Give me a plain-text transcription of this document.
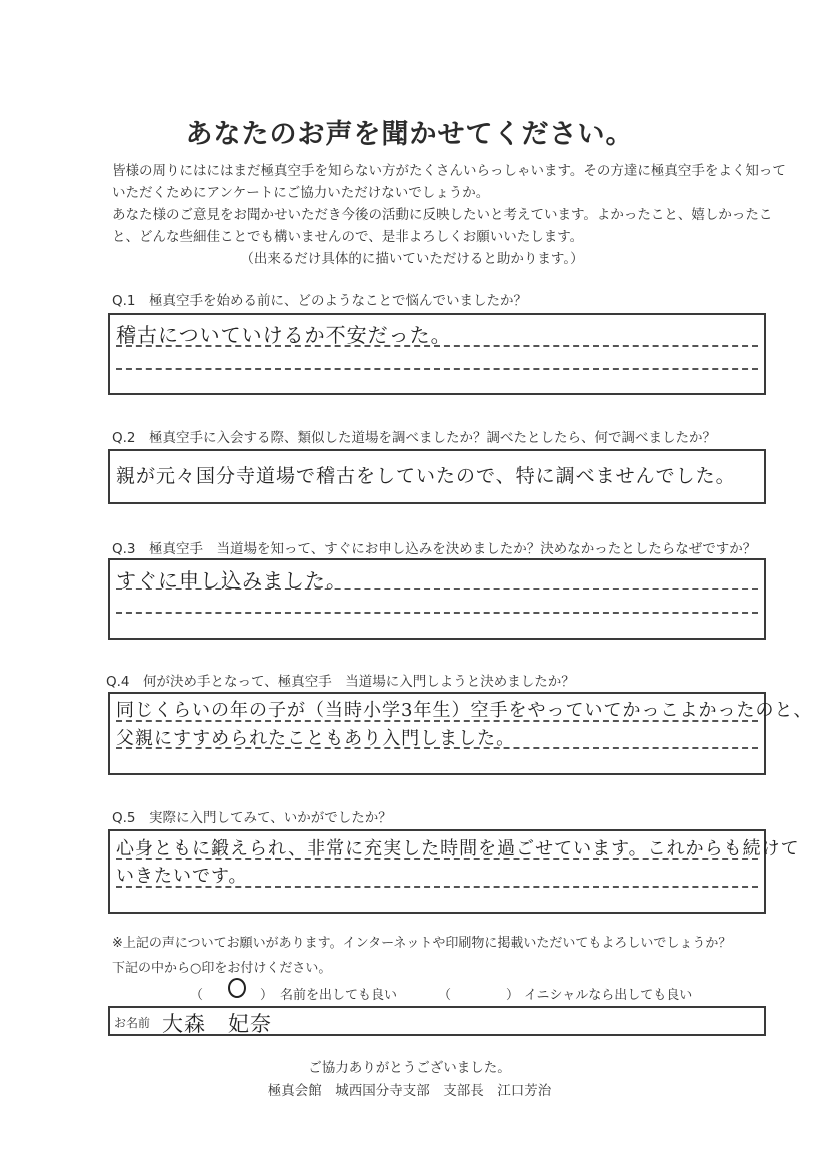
あなたのお声を聞かせてください。
皆様の周りにはにはまだ極真空手を知らない方がたくさんいらっしゃいます。その方達に極真空手をよく知って
いただくためにアンケートにご協力いただけないでしょうか。
あなた様のご意見をお聞かせいただき今後の活動に反映したいと考えています。よかったこと、嬉しかったこ
と、どんな些細佳ことでも構いませんので、是非よろしくお願いいたします。
（出来るだけ具体的に描いていただけると助かります。）
Q.1　極真空手を始める前に、どのようなことで悩んでいましたか？
稽古についていけるか不安だった。
Q.2　極真空手に入会する際、類似した道場を調べましたか？調べたとしたら、何で調べましたか？
親が元々国分寺道場で稽古をしていたので、特に調べませんでした。
Q.3　極真空手　当道場を知って、すぐにお申し込みを決めましたか？決めなかったとしたらなぜですか？
すぐに申し込みました。
Q.4　何が決め手となって、極真空手　当道場に入門しようと決めましたか？
同じくらいの年の子が（当時小学3年生）空手をやっていてかっこよかったのと、
父親にすすめられたこともあり入門しました。
Q.5　実際に入門してみて、いかがでしたか？
心身ともに鍛えられ、非常に充実した時間を過ごせています。これからも続けて
いきたいです。
※上記の声についてお願いがあります。インターネットや印刷物に掲載いただいてもよろしいでしょうか？
下記の中から○印をお付けください。
（	） 名前を出しても良い	（	） イニシャルなら出しても良い
お名前 大森　妃奈
ご協力ありがとうございました。
極真会館　城西国分寺支部　支部長　江口芳治
